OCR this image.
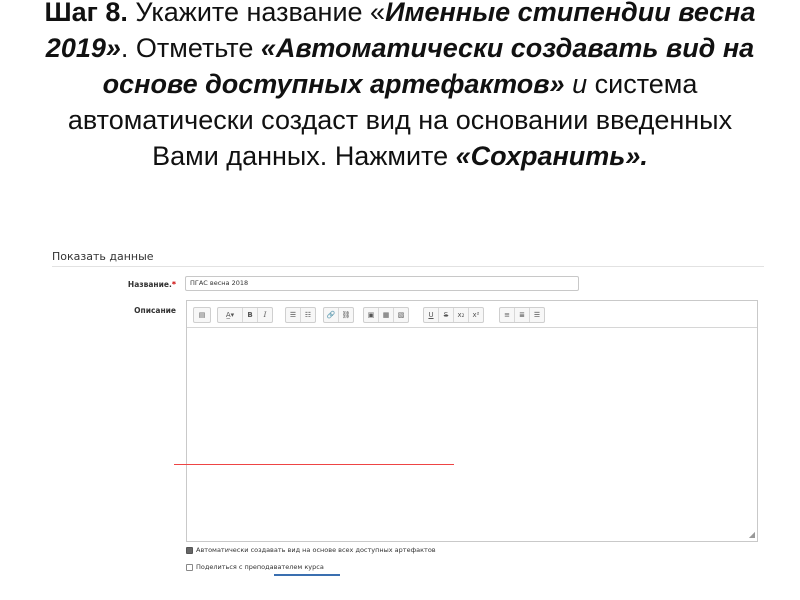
Шаг 8. Укажите название «Именные стипендии весна 2019». Отметьте «Автоматически создавать вид на основе доступных артефактов» и система автоматически создаст вид на основании введенных Вами данных. Нажмите «Сохранить».
Показать данные
Название.*	ПГАС весна 2018
Описание	▤	A̲▾	B	I	☰	☷	🔗 ⛓	▣	▦	▧	U	S	x₂	x²	≡	≣	☰
◢
Автоматически создавать вид на основе всех доступных артефактов
Поделиться с преподавателем курса
